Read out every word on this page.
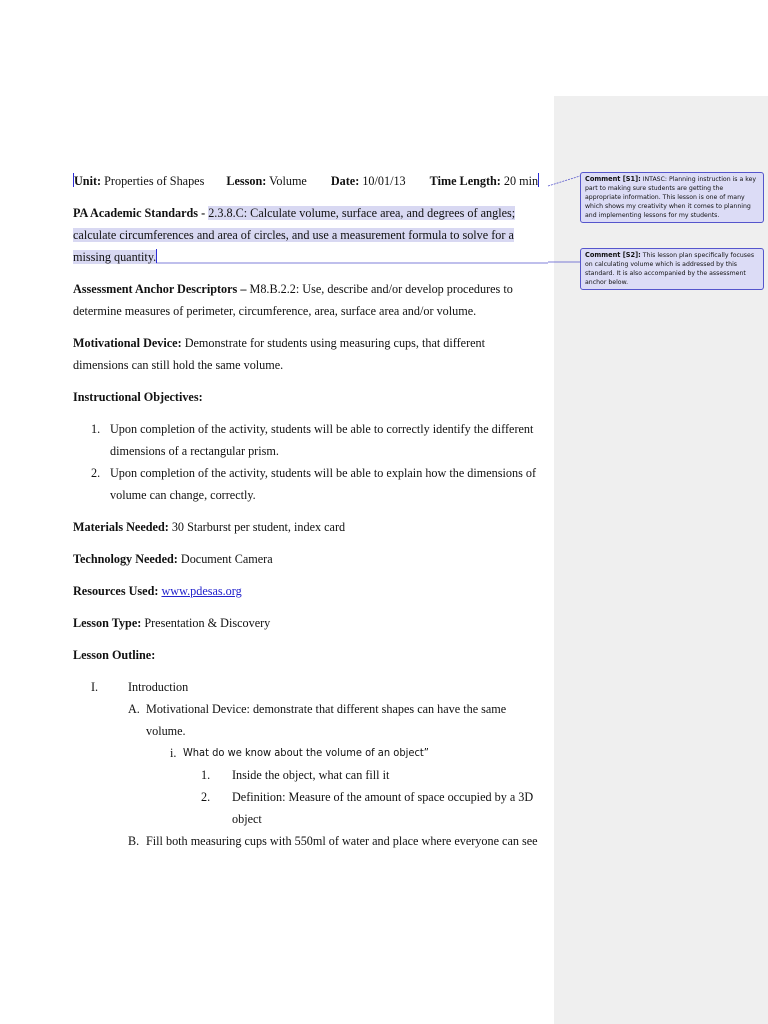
Unit: Properties of Shapes Lesson: Volume Date: 10/01/13 Time Length: 20 min
PA Academic Standards - 2.3.8.C: Calculate volume, surface area, and degrees of angles; calculate circumferences and area of circles, and use a measurement formula to solve for a missing quantity.
Assessment Anchor Descriptors – M8.B.2.2: Use, describe and/or develop procedures to determine measures of perimeter, circumference, area, surface area and/or volume.
Motivational Device: Demonstrate for students using measuring cups, that different dimensions can still hold the same volume.
Instructional Objectives:
1. Upon completion of the activity, students will be able to correctly identify the different dimensions of a rectangular prism.
2. Upon completion of the activity, students will be able to explain how the dimensions of volume can change, correctly.
Materials Needed: 30 Starburst per student, index card
Technology Needed: Document Camera
Resources Used: www.pdesas.org
Lesson Type: Presentation & Discovery
Lesson Outline:
I. Introduction
A. Motivational Device: demonstrate that different shapes can have the same volume.
i. What do we know about the volume of an object”
1. Inside the object, what can fill it
2. Definition: Measure of the amount of space occupied by a 3D object
B. Fill both measuring cups with 550ml of water and place where everyone can see
Comment [S1]: INTASC: Planning instruction is a key part to making sure students are getting the appropriate information. This lesson is one of many which shows my creativity when it comes to planning and implementing lessons for my students.
Comment [S2]: This lesson plan specifically focuses on calculating volume which is addressed by this standard. It is also accompanied by the assessment anchor below.
